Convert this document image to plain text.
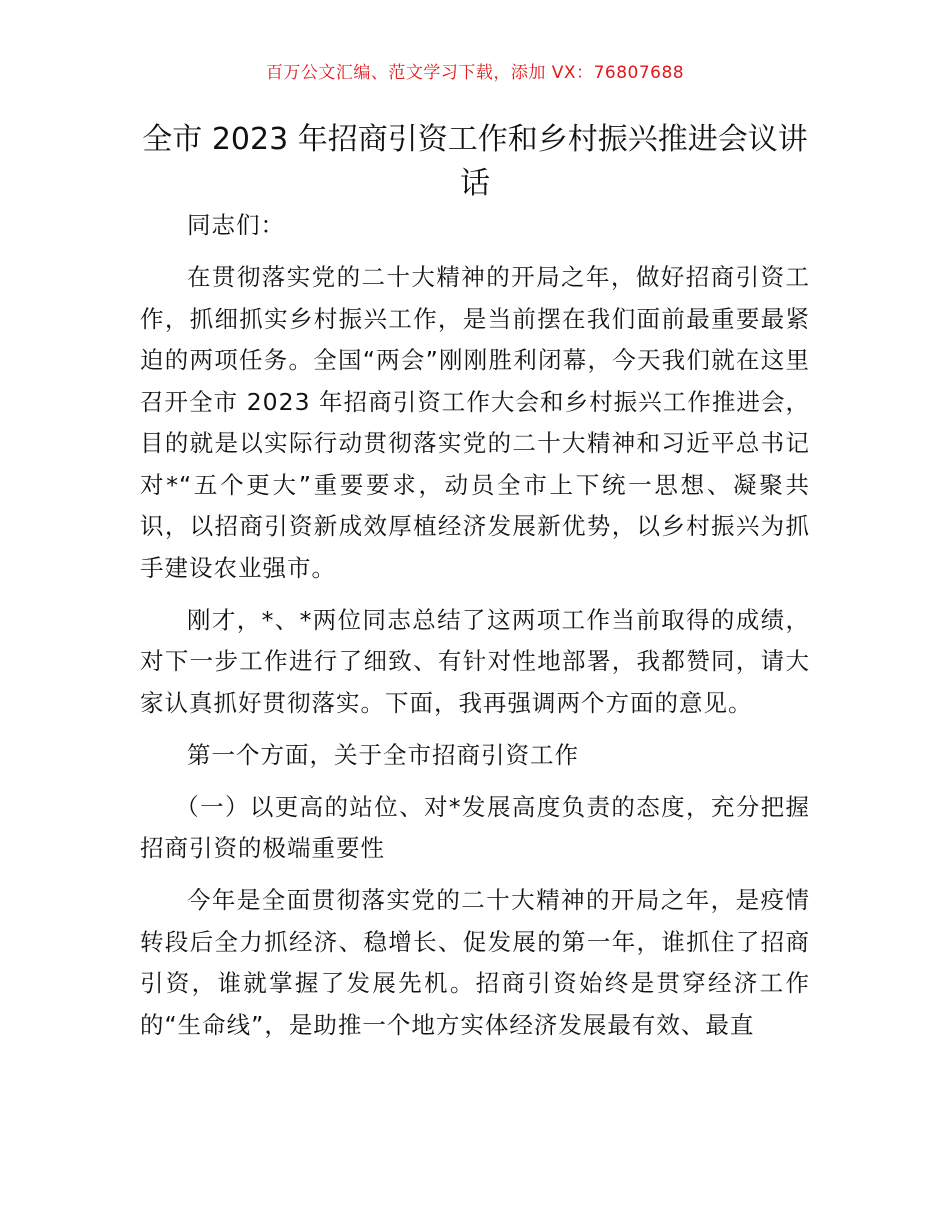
百万公文汇编、范文学习下载，添加 VX：76807688
全市 2023 年招商引资工作和乡村振兴推进会议讲话

同志们：

在贯彻落实党的二十大精神的开局之年，做好招商引资工作，抓细抓实乡村振兴工作，是当前摆在我们面前最重要最紧迫的两项任务。全国“两会”刚刚胜利闭幕，今天我们就在这里召开全市 2023 年招商引资工作大会和乡村振兴工作推进会，目的就是以实际行动贯彻落实党的二十大精神和习近平总书记对*“五个更大”重要要求，动员全市上下统一思想、凝聚共识，以招商引资新成效厚植经济发展新优势，以乡村振兴为抓手建设农业强市。

刚才，*、*两位同志总结了这两项工作当前取得的成绩，对下一步工作进行了细致、有针对性地部署，我都赞同，请大家认真抓好贯彻落实。下面，我再强调两个方面的意见。

第一个方面，关于全市招商引资工作

（一）以更高的站位、对*发展高度负责的态度，充分把握招商引资的极端重要性

今年是全面贯彻落实党的二十大精神的开局之年，是疫情转段后全力抓经济、稳增长、促发展的第一年，谁抓住了招商引资，谁就掌握了发展先机。招商引资始终是贯穿经济工作的“生命线”，是助推一个地方实体经济发展最有效、最直
